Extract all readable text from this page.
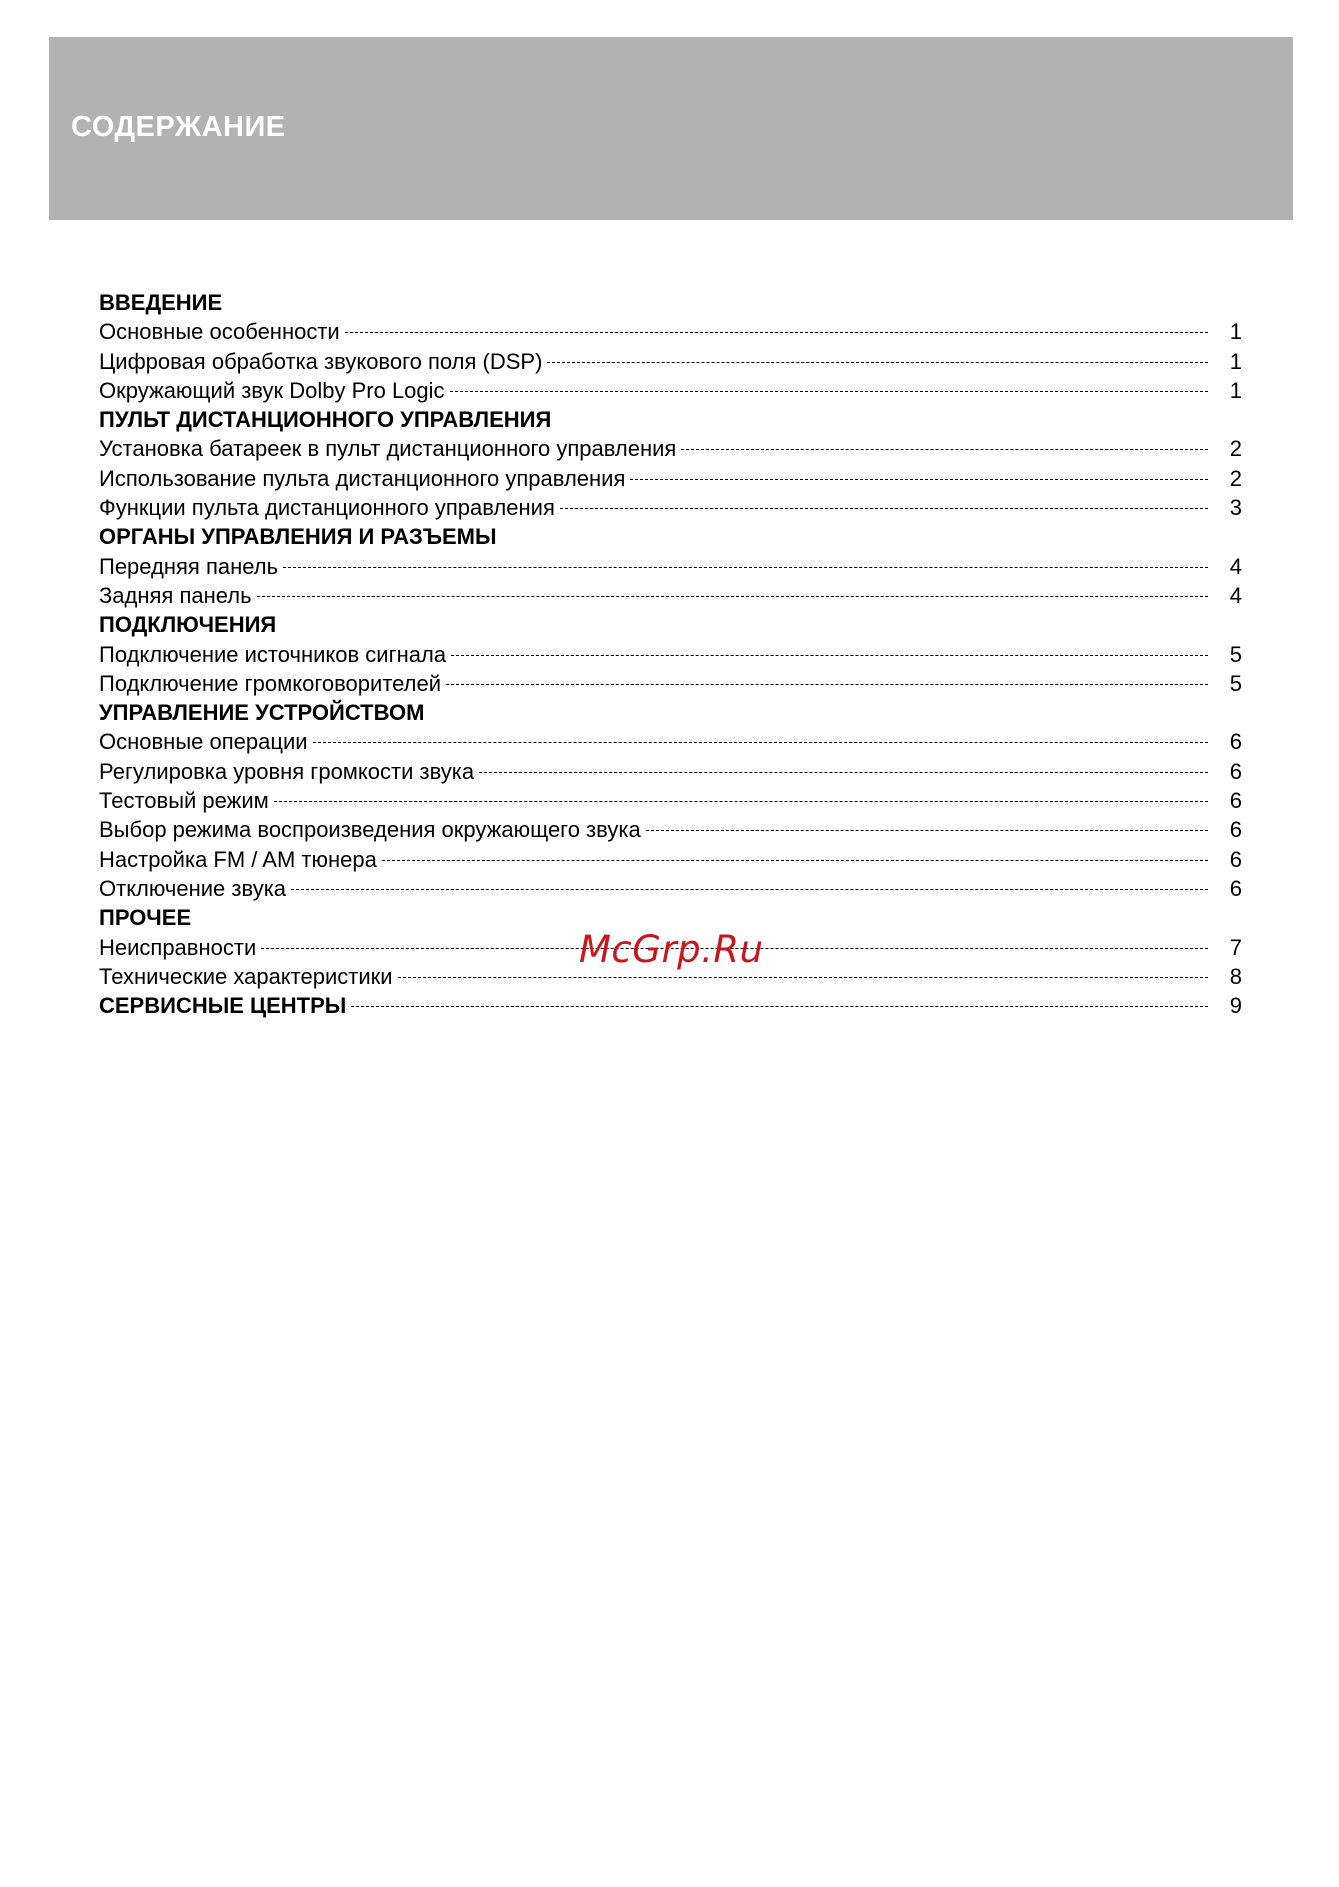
СОДЕРЖАНИЕ
ВВЕДЕНИЕ
Основные особенности	1
Цифровая обработка звукового поля (DSP)	1
Окружающий звук Dolby Pro Logic	1
ПУЛЬТ ДИСТАНЦИОННОГО УПРАВЛЕНИЯ
Установка батареек в пульт дистанционного управления	2
Использование пульта дистанционного управления	2
Функции пульта дистанционного управления	3
ОРГАНЫ УПРАВЛЕНИЯ И РАЗЪЕМЫ
Передняя панель	4
Задняя панель	4
ПОДКЛЮЧЕНИЯ
Подключение источников сигнала	5
Подключение громкоговорителей	5
УПРАВЛЕНИЕ УСТРОЙСТВОМ
Основные операции	6
Регулировка уровня громкости звука	6
Тестовый режим	6
Выбор режима воспроизведения окружающего звука	6
Настройка FM / AM тюнера	6
Отключение звука	6
ПРОЧЕЕ
Неисправности	7
Технические характеристики	8
СЕРВИСНЫЕ ЦЕНТРЫ	9
McGrp.Ru
